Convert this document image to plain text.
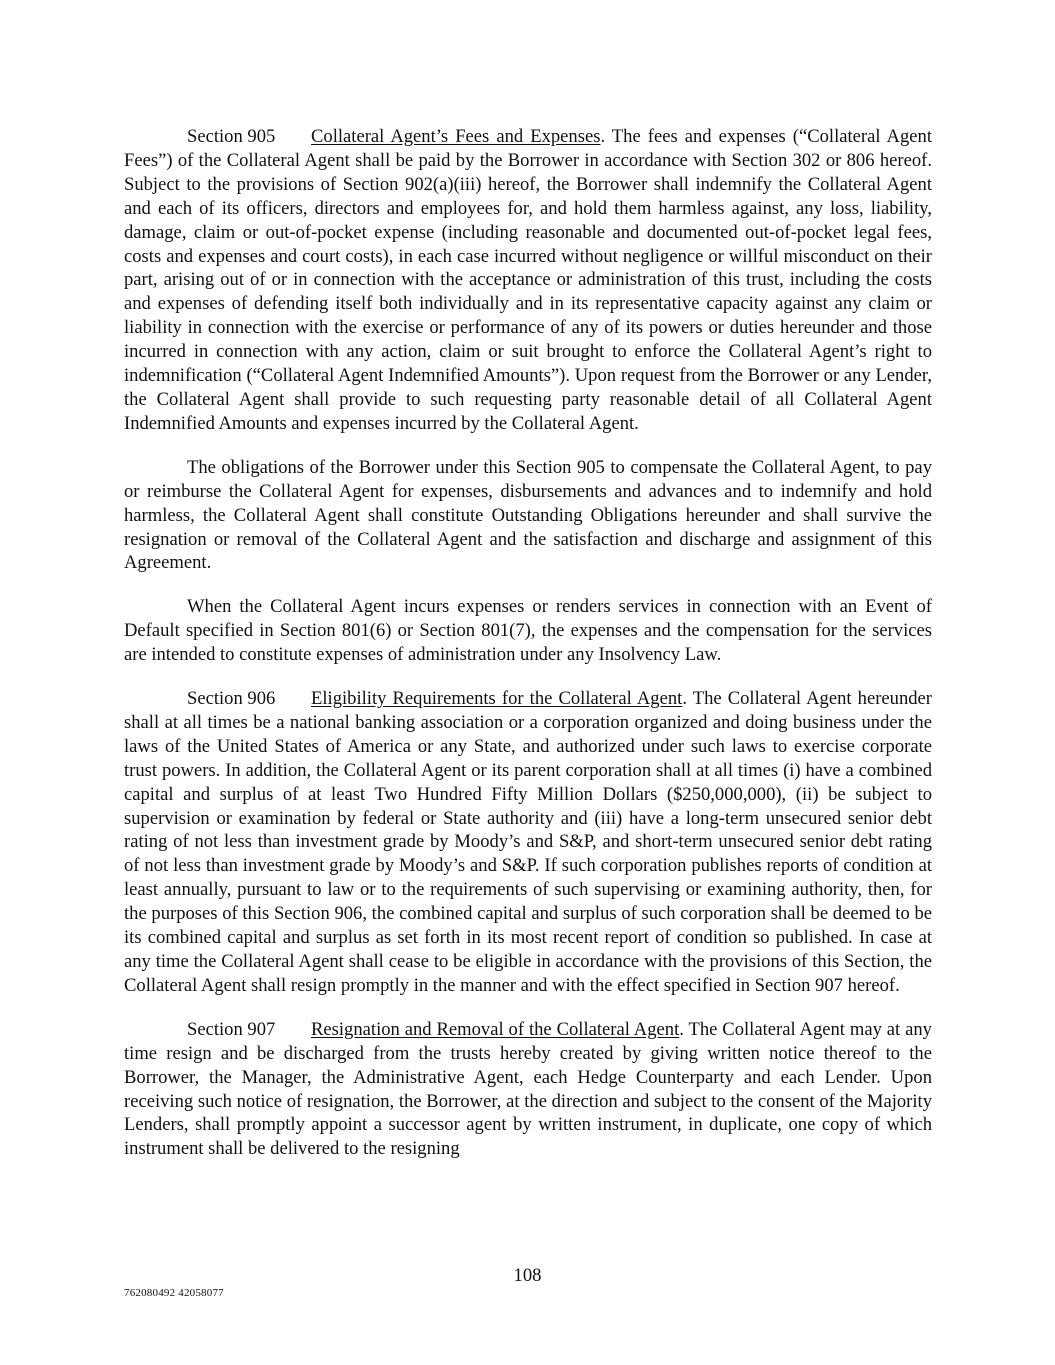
Section 905 Collateral Agent’s Fees and Expenses. The fees and expenses (“Collateral Agent Fees”) of the Collateral Agent shall be paid by the Borrower in accordance with Section 302 or 806 hereof. Subject to the provisions of Section 902(a)(iii) hereof, the Borrower shall indemnify the Collateral Agent and each of its officers, directors and employees for, and hold them harmless against, any loss, liability, damage, claim or out-of-pocket expense (including reasonable and documented out-of-pocket legal fees, costs and expenses and court costs), in each case incurred without negligence or willful misconduct on their part, arising out of or in connection with the acceptance or administration of this trust, including the costs and expenses of defending itself both individually and in its representative capacity against any claim or liability in connection with the exercise or performance of any of its powers or duties hereunder and those incurred in connection with any action, claim or suit brought to enforce the Collateral Agent’s right to indemnification (“Collateral Agent Indemnified Amounts”). Upon request from the Borrower or any Lender, the Collateral Agent shall provide to such requesting party reasonable detail of all Collateral Agent Indemnified Amounts and expenses incurred by the Collateral Agent.

The obligations of the Borrower under this Section 905 to compensate the Collateral Agent, to pay or reimburse the Collateral Agent for expenses, disbursements and advances and to indemnify and hold harmless, the Collateral Agent shall constitute Outstanding Obligations hereunder and shall survive the resignation or removal of the Collateral Agent and the satisfaction and discharge and assignment of this Agreement.

When the Collateral Agent incurs expenses or renders services in connection with an Event of Default specified in Section 801(6) or Section 801(7), the expenses and the compensation for the services are intended to constitute expenses of administration under any Insolvency Law.

Section 906 Eligibility Requirements for the Collateral Agent. The Collateral Agent hereunder shall at all times be a national banking association or a corporation organized and doing business under the laws of the United States of America or any State, and authorized under such laws to exercise corporate trust powers. In addition, the Collateral Agent or its parent corporation shall at all times (i) have a combined capital and surplus of at least Two Hundred Fifty Million Dollars ($250,000,000), (ii) be subject to supervision or examination by federal or State authority and (iii) have a long-term unsecured senior debt rating of not less than investment grade by Moody’s and S&P, and short-term unsecured senior debt rating of not less than investment grade by Moody’s and S&P. If such corporation publishes reports of condition at least annually, pursuant to law or to the requirements of such supervising or examining authority, then, for the purposes of this Section 906, the combined capital and surplus of such corporation shall be deemed to be its combined capital and surplus as set forth in its most recent report of condition so published. In case at any time the Collateral Agent shall cease to be eligible in accordance with the provisions of this Section, the Collateral Agent shall resign promptly in the manner and with the effect specified in Section 907 hereof.

Section 907 Resignation and Removal of the Collateral Agent. The Collateral Agent may at any time resign and be discharged from the trusts hereby created by giving written notice thereof to the Borrower, the Manager, the Administrative Agent, each Hedge Counterparty and each Lender. Upon receiving such notice of resignation, the Borrower, at the direction and subject to the consent of the Majority Lenders, shall promptly appoint a successor agent by written instrument, in duplicate, one copy of which instrument shall be delivered to the resigning

108
762080492 42058077
